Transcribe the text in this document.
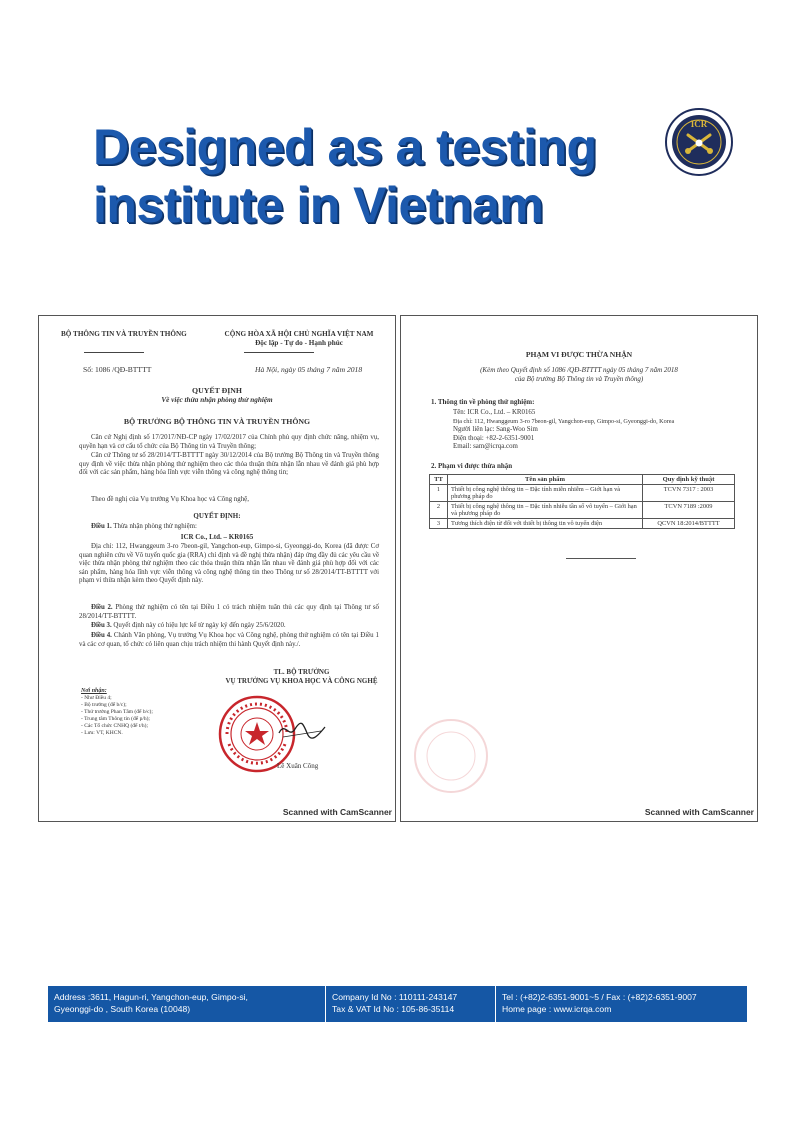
Designed as a testing
institute in Vietnam
ICR
BỘ THÔNG TIN VÀ TRUYỀN THÔNG	CỘNG HÒA XÃ HỘI CHỦ NGHĨA VIỆT NAM
Độc lập - Tự do - Hạnh phúc
Số: 1086 /QĐ-BTTTT	Hà Nội, ngày 05 tháng 7 năm 2018
QUYẾT ĐỊNH
Về việc thừa nhận phòng thử nghiệm
BỘ TRƯỞNG BỘ THÔNG TIN VÀ TRUYỀN THÔNG
Căn cứ Nghị định số 17/2017/NĐ-CP ngày 17/02/2017 của Chính phủ quy định chức năng, nhiệm vụ, quyền hạn và cơ cấu tổ chức của Bộ Thông tin và Truyền thông;
Căn cứ Thông tư số 28/2014/TT-BTTTT ngày 30/12/2014 của Bộ trưởng Bộ Thông tin và Truyền thông quy định về việc thừa nhận phòng thử nghiệm theo các thỏa thuận thừa nhận lẫn nhau về đánh giá phù hợp đối với các sản phẩm, hàng hóa lĩnh vực viễn thông và công nghệ thông tin;
Theo đề nghị của Vụ trưởng Vụ Khoa học và Công nghệ,
QUYẾT ĐỊNH:
Điều 1. Thừa nhận phòng thử nghiệm:
ICR Co., Ltd. – KR0165
Địa chỉ: 112, Hwanggeum 3-ro 7beon-gil, Yangchon-eup, Gimpo-si, Gyeonggi-do, Korea (đã được Cơ quan nghiên cứu về Vô tuyến quốc gia (RRA) chỉ định và đề nghị thừa nhận) đáp ứng đầy đủ các yêu cầu về việc thừa nhận phòng thử nghiệm theo các thỏa thuận thừa nhận lẫn nhau về đánh giá phù hợp đối với các sản phẩm, hàng hóa lĩnh vực viễn thông và công nghệ thông tin theo Thông tư số 28/2014/TT-BTTTT với phạm vi thừa nhận kèm theo Quyết định này.
Điều 2. Phòng thử nghiệm có tên tại Điều 1 có trách nhiệm tuân thủ các quy định tại Thông tư số 28/2014/TT-BTTTT.
Điều 3. Quyết định này có hiệu lực kể từ ngày ký đến ngày 25/6/2020.
Điều 4. Chánh Văn phòng, Vụ trưởng Vụ Khoa học và Công nghệ, phòng thử nghiệm có tên tại Điều 1 và các cơ quan, tổ chức có liên quan chịu trách nhiệm thi hành Quyết định này./.
Nơi nhận:
- Như Điều 4;
- Bộ trưởng (để b/c);
- Thứ trưởng Phan Tâm (để b/c);
- Trung tâm Thông tin (để p/h);
- Các Tổ chức CNHQ (để t/h);
- Lưu: VT, KHCN.
TL. BỘ TRƯỞNG
VỤ TRƯỞNG VỤ KHOA HỌC VÀ CÔNG NGHỆ
Lê Xuân Công
Scanned with CamScanner
PHẠM VI ĐƯỢC THỪA NHẬN
(Kèm theo Quyết định số 1086 /QĐ-BTTTT ngày 05 tháng 7 năm 2018
của Bộ trưởng Bộ Thông tin và Truyền thông)
1. Thông tin về phòng thử nghiệm:
Tên: ICR Co., Ltd. – KR0165
Địa chỉ: 112, Hwanggeum 3-ro 7beon-gil, Yangchon-eup, Gimpo-si, Gyeonggi-do, Korea
Người liên lạc: Sang-Woo Sim
Điện thoại: +82-2-6351-9001
Email: sam@icrqa.com
2. Phạm vi được thừa nhận
TT	Tên sản phẩm	Quy định kỹ thuật
1	Thiết bị công nghệ thông tin – Đặc tính miễn nhiễm – Giới hạn và phương pháp đo	TCVN 7317 : 2003
2	Thiết bị công nghệ thông tin – Đặc tính nhiễu tần số vô tuyến – Giới hạn và phương pháp đo	TCVN 7189 :2009
3	Tương thích điện từ đối với thiết bị thông tin vô tuyến điện	QCVN 18:2014/BTTTT
Scanned with CamScanner
Address :3611, Hagun-ri, Yangchon-eup, Gimpo-si,
Gyeonggi-do , South Korea (10048)
Company Id No : 110111-243147
Tax & VAT Id No : 105-86-35114
Tel : (+82)2-6351-9001~5 / Fax : (+82)2-6351-9007
Home page : www.icrqa.com
